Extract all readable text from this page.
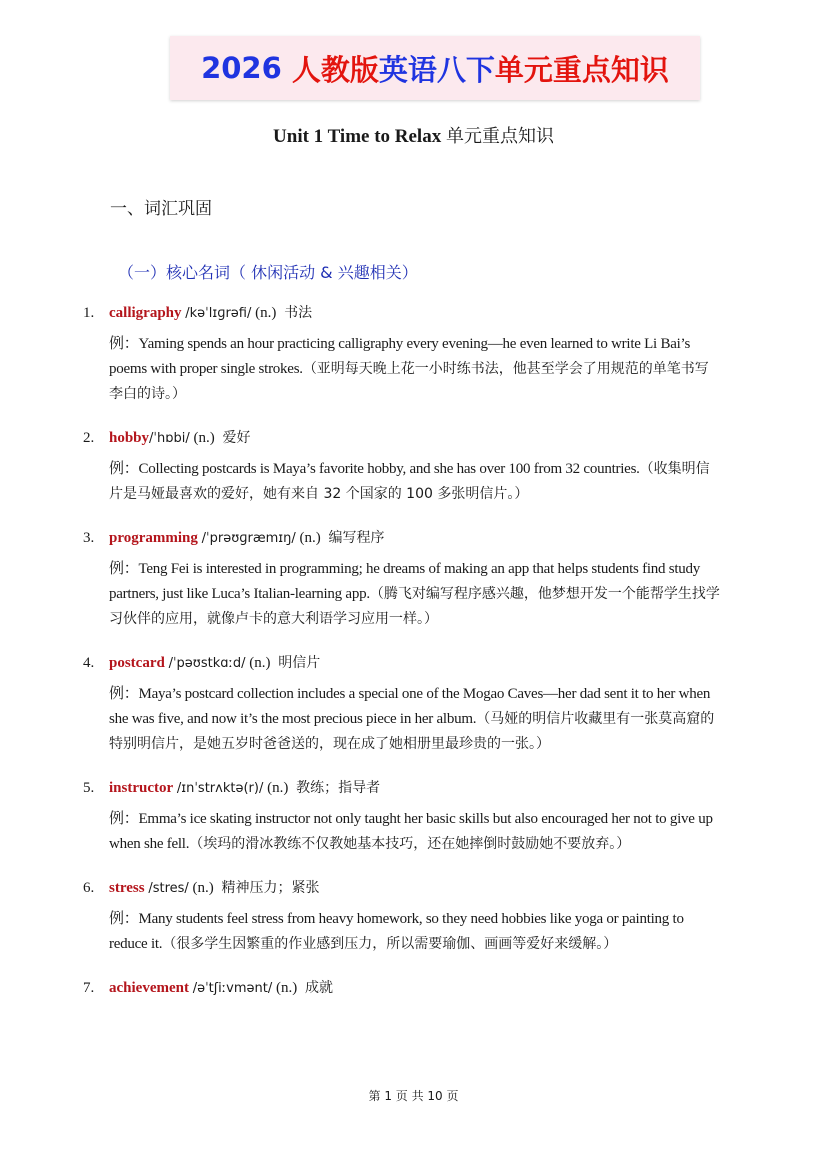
2026
人教版 英语八下 单元重点知识
Unit 1 Time to Relax 单元重点知识
一、词汇巩固
（一）核心名词（ 休闲活动 & 兴趣相关）
1. calligraphy /kəˈlɪɡrəfi/ (n.) 书法
例：Yaming spends an hour practicing calligraphy every evening—he even learned to write Li Bai’s poems with proper single strokes.（亚明每天晚上花一小时练书法，他甚至学会了用规范的单笔书写李白的诗。）
2. hobby/ˈhɒbi/ (n.) 爱好
例：Collecting postcards is Maya’s favorite hobby, and she has over 100 from 32 countries.（收集明信片是马娅最喜欢的爱好，她有来自 32 个国家的 100 多张明信片。）
3. programming /ˈprəʊɡræmɪŋ/ (n.) 编写程序
例：Teng Fei is interested in programming; he dreams of making an app that helps students find study partners, just like Luca’s Italian-learning app.（腾飞对编写程序感兴趣，他梦想开发一个能帮学生找学习伙伴的应用，就像卢卡的意大利语学习应用一样。）
4. postcard /ˈpəʊstkɑːd/ (n.) 明信片
例：Maya’s postcard collection includes a special one of the Mogao Caves—her dad sent it to her when she was five, and now it’s the most precious piece in her album.（马娅的明信片收藏里有一张莫高窟的特别明信片，是她五岁时爸爸送的，现在成了她相册里最珍贵的一张。）
5. instructor /ɪnˈstrʌktə(r)/ (n.) 教练；指导者
例：Emma’s ice skating instructor not only taught her basic skills but also encouraged her not to give up when she fell.（埃玛的滑冰教练不仅教她基本技巧，还在她摔倒时鼓励她不要放弃。）
6. stress /stres/ (n.) 精神压力；紧张
例：Many students feel stress from heavy homework, so they need hobbies like yoga or painting to reduce it.（很多学生因繁重的作业感到压力，所以需要瑜伽、画画等爱好来缓解。）
7. achievement /əˈtʃiːvmənt/ (n.) 成就
第 1 页 共 10 页
